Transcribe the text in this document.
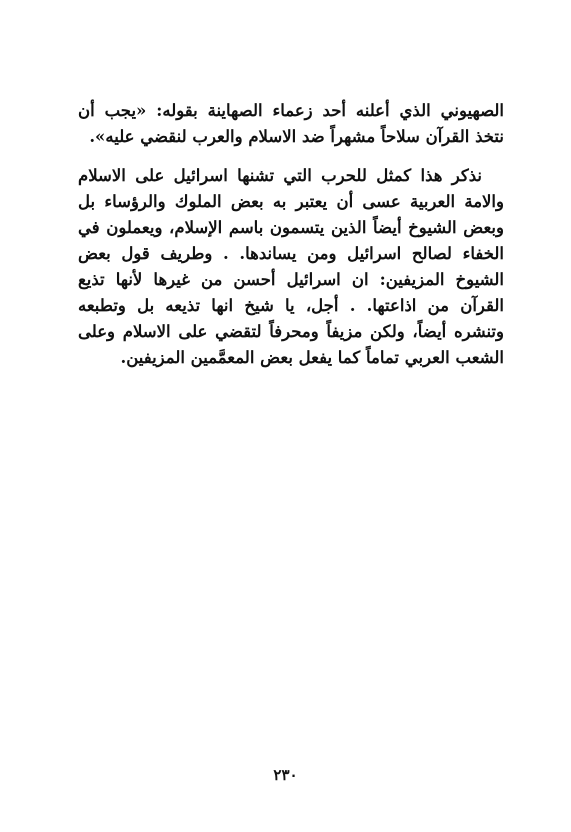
الصهيوني الذي أعلنه أحد زعماء الصهاينة بقوله: «يجب أن نتخذ القرآن سلاحاً مشهراً ضد الاسلام والعرب لنقضي عليه».

نذكر هذا كمثل للحرب التي تشنها اسرائيل على الاسلام والامة العربية عسى أن يعتبر به بعض الملوك والرؤساء بل وبعض الشيوخ أيضاً الذين يتسمون باسم الإسلام، ويعملون في الخفاء لصالح اسرائيل ومن يساندها. . وطريف قول بعض الشيوخ المزيفين: ان اسرائيل أحسن من غيرها لأنها تذيع القرآن من اذاعتها. . أجل، يا شيخ انها تذيعه بل وتطبعه وتنشره أيضاً، ولكن مزيفاً ومحرفاً لتقضي على الاسلام وعلى الشعب العربي تماماً كما يفعل بعض المعمَّمين المزيفين.

٢٣٠
